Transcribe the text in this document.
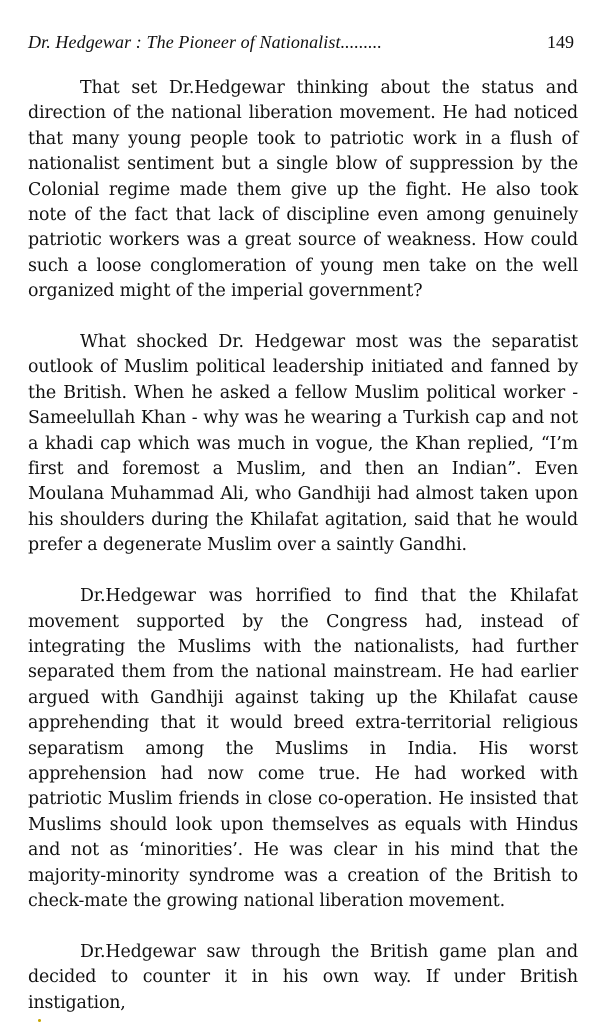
Dr. Hedgewar : The Pioneer of Nationalist.........	149

That set Dr.Hedgewar thinking about the status and direction of the national liberation movement. He had noticed that many young people took to patriotic work in a flush of nationalist sentiment but a single blow of suppression by the Colonial regime made them give up the fight. He also took note of the fact that lack of discipline even among genuinely patriotic workers was a great source of weakness. How could such a loose conglomeration of young men take on the well organized might of the imperial government?

What shocked Dr. Hedgewar most was the separatist outlook of Muslim political leadership initiated and fanned by the British. When he asked a fellow Muslim political worker - Sameelullah Khan - why was he wearing a Turkish cap and not a khadi cap which was much in vogue, the Khan replied, “I’m first and foremost a Muslim, and then an Indian”. Even Moulana Muhammad Ali, who Gandhiji had almost taken upon his shoulders during the Khilafat agitation, said that he would prefer a degenerate Muslim over a saintly Gandhi.

Dr.Hedgewar was horrified to find that the Khilafat movement supported by the Congress had, instead of integrating the Muslims with the nationalists, had further separated them from the national mainstream. He had earlier argued with Gandhiji against taking up the Khilafat cause apprehending that it would breed extra-territorial religious separatism among the Muslims in India. His worst apprehension had now come true. He had worked with patriotic Muslim friends in close co-operation. He insisted that Muslims should look upon themselves as equals with Hindus and not as ‘minorities’. He was clear in his mind that the majority-minority syndrome was a creation of the British to check-mate the growing national liberation movement.

Dr.Hedgewar saw through the British game plan and decided to counter it in his own way. If under British instigation,
